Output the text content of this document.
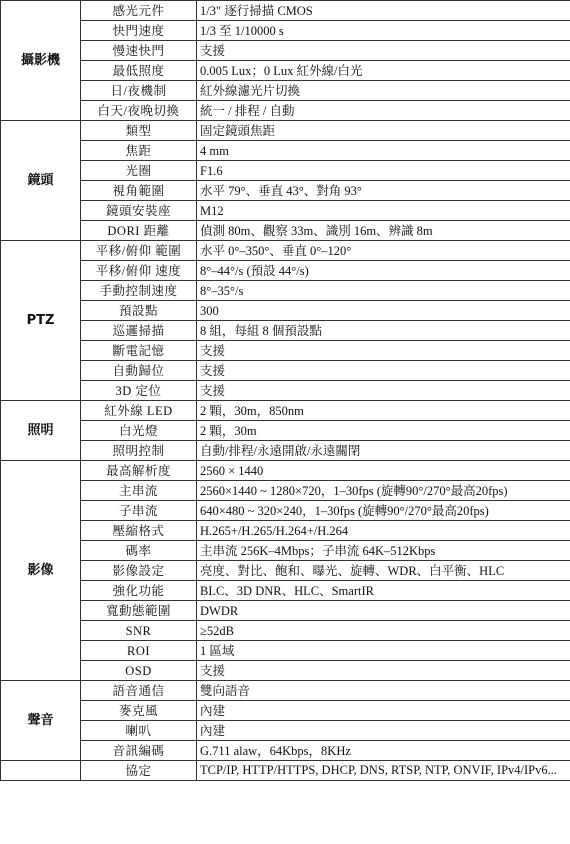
攝影機	感光元件	1/3" 逐行掃描 CMOS
	快門速度	1/3 至 1/10000 s
	慢速快門	支援
	最低照度	0.005 Lux；0 Lux 紅外線/白光
	日/夜機制	紅外線濾光片切換
	白天/夜晚切換	統一 / 排程 / 自動
鏡頭	類型	固定鏡頭焦距
	焦距	4 mm
	光圈	F1.6
	視角範圍	水平 79°、垂直 43°、對角 93°
	鏡頭安裝座	M12
	DORI 距離	偵測 80m、觀察 33m、識別 16m、辨識 8m
PTZ	平移/俯仰 範圍	水平 0°–350°、垂直 0°–120°
	平移/俯仰 速度	8°–44°/s (預設 44°/s)
	手動控制速度	8°–35°/s
	預設點	300
	巡邏掃描	8 組，每組 8 個預設點
	斷電記憶	支援
	自動歸位	支援
	3D 定位	支援
照明	紅外線 LED	2 顆，30m，850nm
	白光燈	2 顆，30m
	照明控制	自動/排程/永遠開啟/永遠關閉
影像	最高解析度	2560 × 1440
	主串流	2560×1440 ~ 1280×720，1–30fps (旋轉90°/270°最高20fps)
	子串流	640×480 ~ 320×240，1–30fps (旋轉90°/270°最高20fps)
	壓縮格式	H.265+/H.265/H.264+/H.264
	碼率	主串流 256K–4Mbps；子串流 64K–512Kbps
	影像設定	亮度、對比、飽和、曝光、旋轉、WDR、白平衡、HLC
	強化功能	BLC、3D DNR、HLC、SmartIR
	寬動態範圍	DWDR
	SNR	≥52dB
	ROI	1 區域
	OSD	支援
聲音	語音通信	雙向語音
	麥克風	內建
	喇叭	內建
	音訊編碼	G.711 alaw，64Kbps，8KHz
	協定	TCP/IP, HTTP/HTTPS, DHCP, DNS, RTSP, NTP, ONVIF, IPv4/IPv6...
